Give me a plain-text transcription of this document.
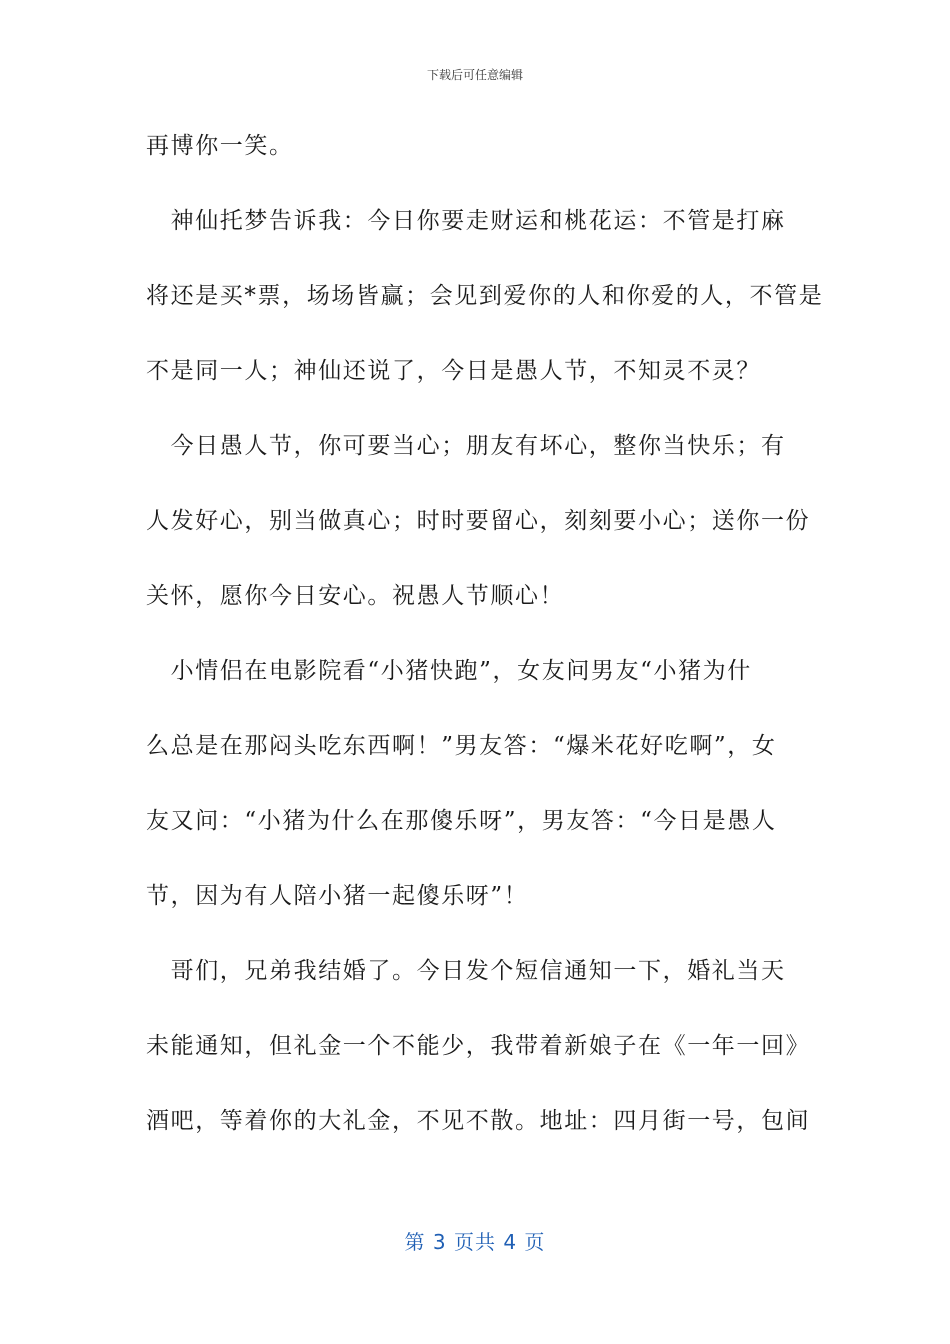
下载后可任意编辑
再博你一笑。
　神仙托梦告诉我：今日你要走财运和桃花运：不管是打麻
将还是买*票，场场皆赢；会见到爱你的人和你爱的人，不管是
不是同一人；神仙还说了，今日是愚人节，不知灵不灵？
　今日愚人节，你可要当心；朋友有坏心，整你当快乐；有
人发好心，别当做真心；时时要留心，刻刻要小心；送你一份
关怀，愿你今日安心。祝愚人节顺心！
　小情侣在电影院看“小猪快跑”，女友问男友“小猪为什
么总是在那闷头吃东西啊！”男友答：“爆米花好吃啊”，女
友又问：“小猪为什么在那傻乐呀”，男友答：“今日是愚人
节，因为有人陪小猪一起傻乐呀”！
　哥们，兄弟我结婚了。今日发个短信通知一下，婚礼当天
未能通知，但礼金一个不能少，我带着新娘子在《一年一回》
酒吧，等着你的大礼金，不见不散。地址：四月街一号，包间
第 3 页共 4 页
